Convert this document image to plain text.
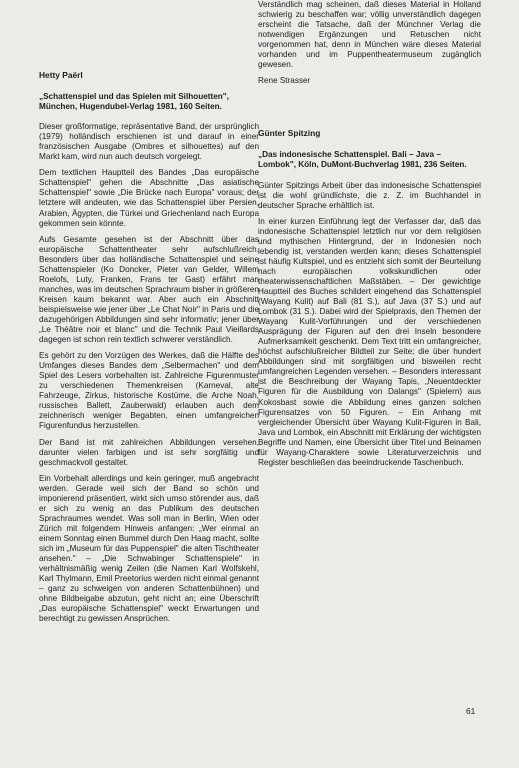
Hetty Paërl

„Schattenspiel und das Spielen mit Silhouetten", München, Hugendubel-Verlag 1981, 160 Seiten.

Dieser großformatige, repräsentative Band, der ursprünglich (1979) holländisch erschienen ist und darauf in einer französischen Ausgabe (Ombres et silhouettes) auf den Markt kam, wird nun auch deutsch vorgelegt.

Dem textlichen Hauptteil des Bandes „Das europäische Schattenspiel" gehen die Abschnitte „Das asiatische Schattenspiel" sowie „Die Brücke nach Europa" voraus; der letztere will andeuten, wie das Schattenspiel über Persien, Arabien, Ägypten, die Türkei und Griechenland nach Europa gekommen sein könnte.

Aufs Gesamte gesehen ist der Abschnitt über das europäische Schattentheater sehr aufschlußreich. Besonders über das holländische Schattenspiel und seine Schattenspieler (Ko Doncker, Pieter van Gelder, Willem Roelofs, Luty, Franken, Frans ter Gast) erfährt man manches, was im deutschen Sprachraum bisher in größeren Kreisen kaum bekannt war. Aber auch ein Abschnitt beispielsweise wie jener über „Le Chat Noir" in Paris und die dazugehörigen Abbildungen sind sehr informativ; jener über „Le Théâtre noir et blanc" und die Technik Paul Vieillards dagegen ist schon rein textlich schwerer verständlich.

Es gehört zu den Vorzügen des Werkes, daß die Hälfte des Umfanges dieses Bandes dem „Selbermachen" und dem Spiel des Lesers vorbehalten ist. Zahlreiche Figurenmuster zu verschiedenen Themenkreisen (Karneval, alte Fahrzeuge, Zirkus, historische Kostüme, die Arche Noah, russisches Ballett, Zauberwald) erlauben auch dem zeichnerisch weniger Begabten, einen umfangreichen Figurenfundus herzustellen.

Der Band ist mit zahlreichen Abbildungen versehen, darunter vielen farbigen und ist sehr sorgfältig und geschmackvoll gestaltet.

Ein Vorbehalt allerdings und kein geringer, muß angebracht werden. Gerade weil sich der Band so schön und imponierend präsentiert, wirkt sich umso störender aus, daß er sich zu wenig an das Publikum des deutschen Sprachraumes wendet. Was soll man in Berlin, Wien oder Zürich mit folgendem Hinweis anfangen: „Wer einmal an einem Sonntag einen Bummel durch Den Haag macht, sollte sich im „Museum für das Puppenspiel" die alten Tischtheater ansehen." – „Die Schwabinger Schattenspiele" in verhältnismäßig wenig Zeilen (die Namen Karl Wolfskehl, Karl Thylmann, Emil Preetorius werden nicht einmal genannt – ganz zu schweigen von anderen Schattenbühnen) und ohne Bildbeigabe abzutun, geht nicht an; eine Überschrift „Das europäische Schattenspiel" weckt Erwartungen und berechtigt zu gewissen Ansprüchen.

Verständlich mag scheinen, daß dieses Material in Holland schwierig zu beschaffen war; völlig unverständlich dagegen erscheint die Tatsache, daß der Münchner Verlag die notwendigen Ergänzungen und Retuschen nicht vorgenommen hat, denn in München wäre dieses Material vorhanden und im Puppentheatermuseum zugänglich gewesen.

Rene Strasser

Günter Spitzing

„Das indonesische Schattenspiel. Bali – Java – Lombok", Köln, DuMont-Buchverlag 1981, 236 Seiten.

Günter Spitzings Arbeit über das indonesische Schattenspiel ist die wohl gründlichste, die z. Z. im Buchhandel in deutscher Sprache erhältlich ist.

In einer kurzen Einführung legt der Verfasser dar, daß das indonesische Schattenspiel letztlich nur vor dem religiösen und mythischen Hintergrund, der in Indonesien noch lebendig ist, verstanden werden kann; dieses Schattenspiel ist häufig Kultspiel, und es entzieht sich somit der Beurteilung nach europäischen volkskundlichen oder theaterwissenschaftlichen Maßstäben. – Der gewichtige Hauptteil des Buches schildert eingehend das Schattenspiel (Wayang Kulit) auf Bali (81 S.), auf Java (37 S.) und auf Lombok (31 S.). Dabei wird der Spielpraxis, den Themen der Wayang Kulit-Vorführungen und der verschiedenen Ausprägung der Figuren auf den drei Inseln besondere Aufmerksamkeit geschenkt. Dem Text tritt ein umfangreicher, höchst aufschlußreicher Bildteil zur Seite; die über hundert Abbildungen sind mit sorgfältigen und bisweilen recht umfangreichen Legenden versehen. – Besonders interessant ist die Beschreibung der Wayang Tapis, „Neuentdeckter Figuren für die Ausbildung von Dalangs" (Spielern) aus Kokosbast sowie die Abbildung eines ganzen solchen Figurensatzes von 50 Figuren. – Ein Anhang mit vergleichender Übersicht über Wayang Kulit-Figuren in Bali, Java und Lombok, ein Abschnitt mit Erklärung der wichtigsten Begriffe und Namen, eine Übersicht über Titel und Beinamen für Wayang-Charaktere sowie Literaturverzeichnis und Register beschließen das beeindruckende Taschenbuch.

61
